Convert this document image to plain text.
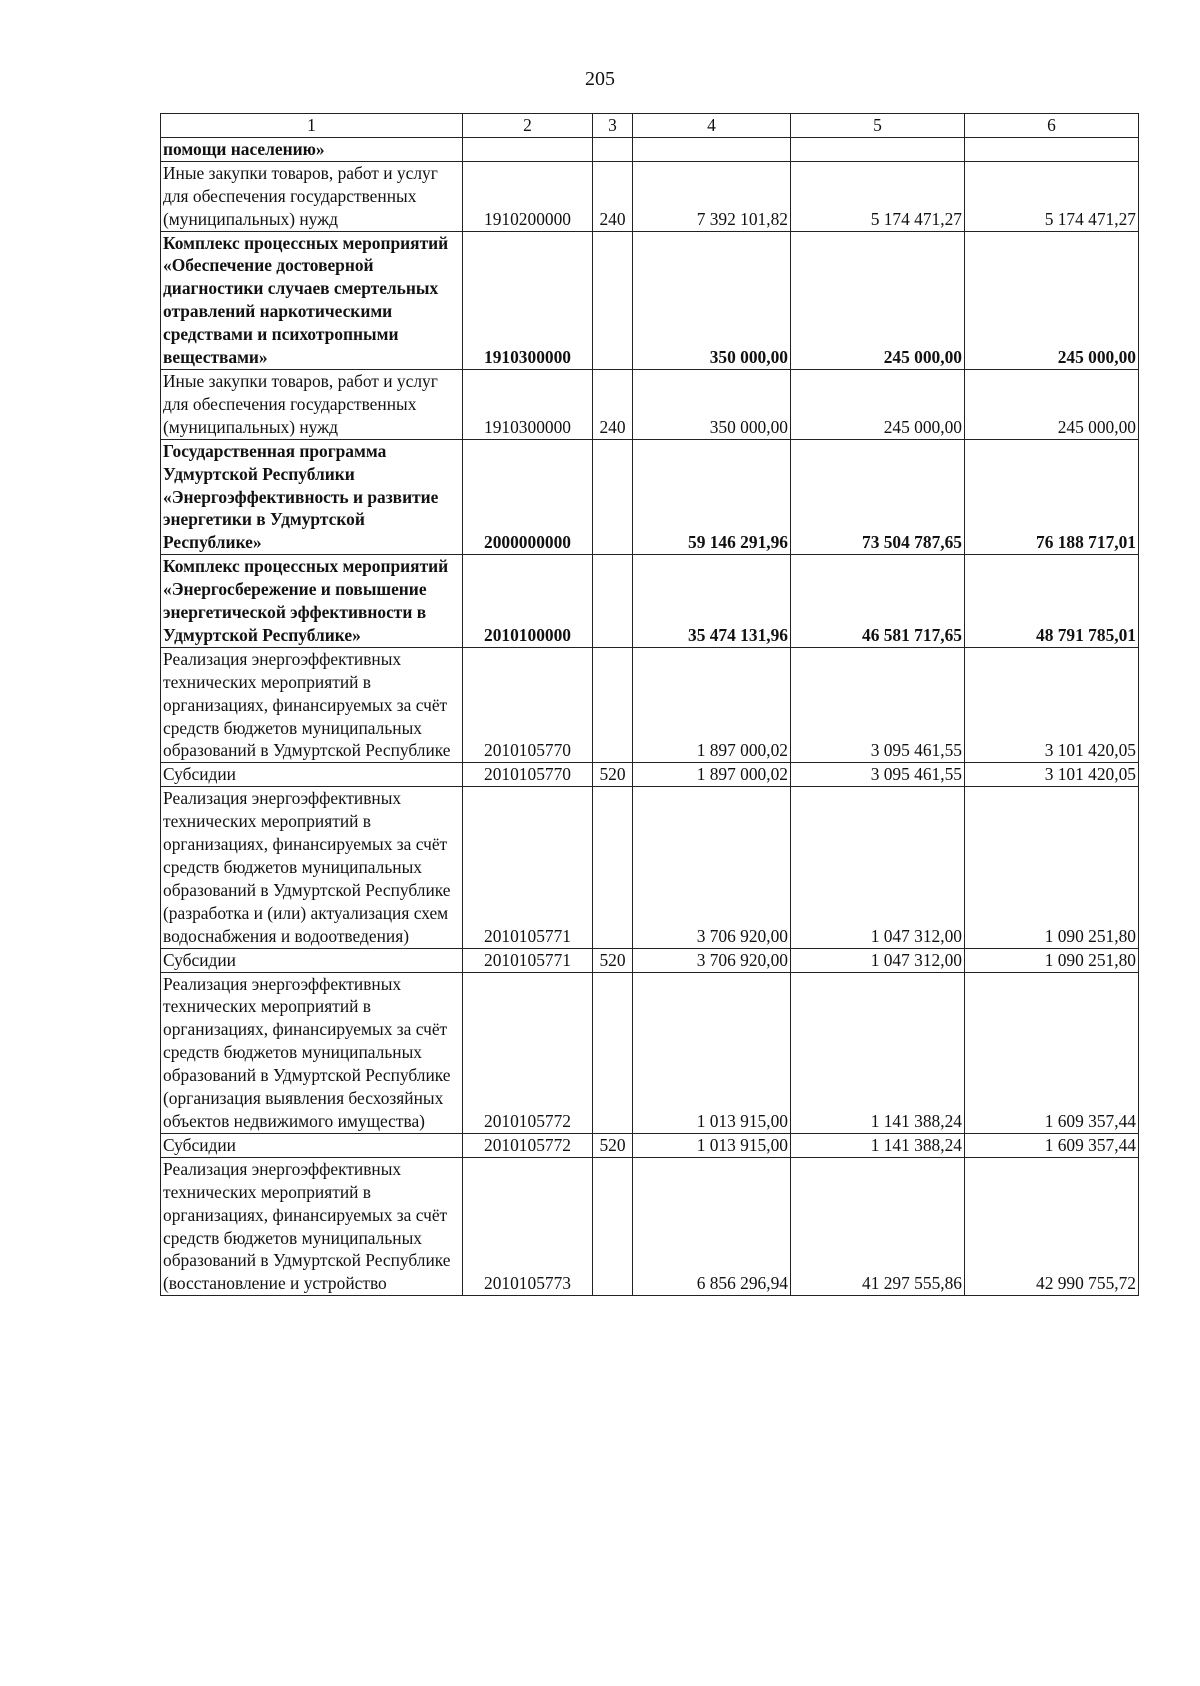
205
1	2	3	4	5	6
помощи населению»					
Иные закупки товаров, работ и услуг для обеспечения государственных (муниципальных) нужд	1910200000	240	7 392 101,82	5 174 471,27	5 174 471,27
Комплекс процессных мероприятий «Обеспечение достоверной диагностики случаев смертельных отравлений наркотическими средствами и психотропными веществами»	1910300000		350 000,00	245 000,00	245 000,00
Иные закупки товаров, работ и услуг для обеспечения государственных (муниципальных) нужд	1910300000	240	350 000,00	245 000,00	245 000,00
Государственная программа Удмуртской Республики «Энергоэффективность и развитие энергетики в Удмуртской Республике»	2000000000		59 146 291,96	73 504 787,65	76 188 717,01
Комплекс процессных мероприятий «Энергосбережение и повышение энергетической эффективности в Удмуртской Республике»	2010100000		35 474 131,96	46 581 717,65	48 791 785,01
Реализация энергоэффективных технических мероприятий в организациях, финансируемых за счёт средств бюджетов муниципальных образований в Удмуртской Республике	2010105770		1 897 000,02	3 095 461,55	3 101 420,05
Субсидии	2010105770	520	1 897 000,02	3 095 461,55	3 101 420,05
Реализация энергоэффективных технических мероприятий в организациях, финансируемых за счёт средств бюджетов муниципальных образований в Удмуртской Республике (разработка и (или) актуализация схем водоснабжения и водоотведения)	2010105771		3 706 920,00	1 047 312,00	1 090 251,80
Субсидии	2010105771	520	3 706 920,00	1 047 312,00	1 090 251,80
Реализация энергоэффективных технических мероприятий в организациях, финансируемых за счёт средств бюджетов муниципальных образований в Удмуртской Республике (организация выявления бесхозяйных объектов недвижимого имущества)	2010105772		1 013 915,00	1 141 388,24	1 609 357,44
Субсидии	2010105772	520	1 013 915,00	1 141 388,24	1 609 357,44
Реализация энергоэффективных технических мероприятий в организациях, финансируемых за счёт средств бюджетов муниципальных образований в Удмуртской Республике (восстановление и устройство	2010105773		6 856 296,94	41 297 555,86	42 990 755,72
